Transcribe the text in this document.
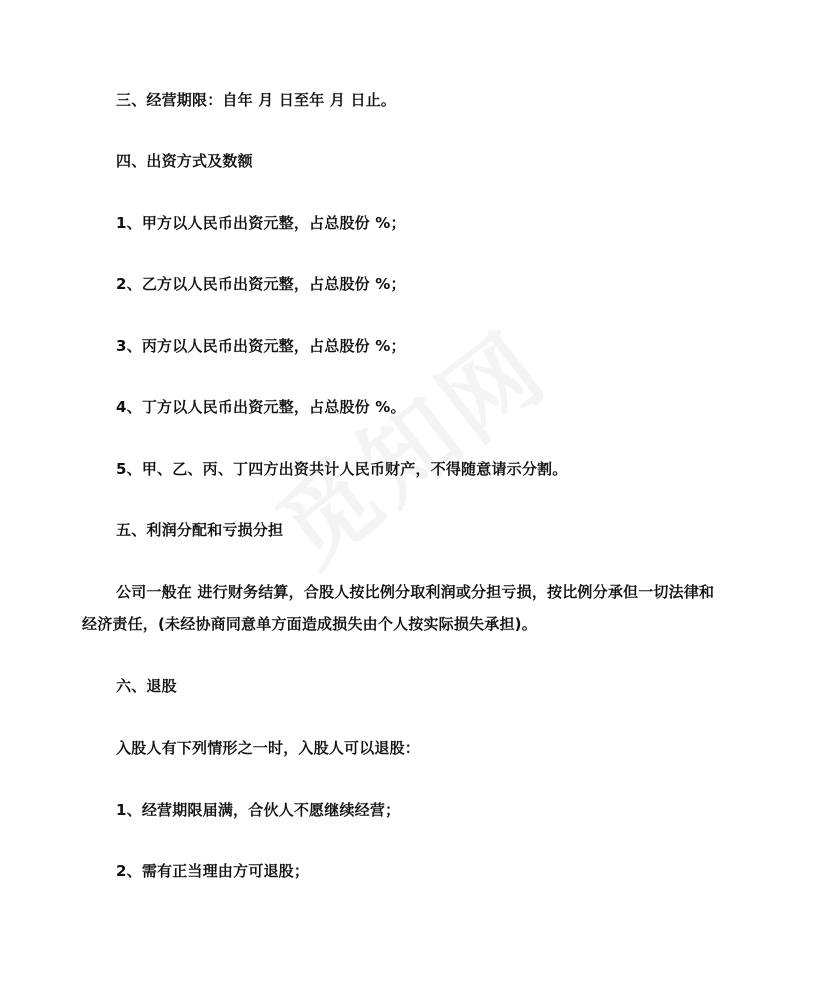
三、经营期限：自年 月 日至年 月 日止。

四、出资方式及数额

1、甲方以人民币出资元整，占总股份 %；

2、乙方以人民币出资元整，占总股份 %；

3、丙方以人民币出资元整，占总股份 %；

4、丁方以人民币出资元整，占总股份 %。

5、甲、乙、丙、丁四方出资共计人民币财产，不得随意请示分割。

五、利润分配和亏损分担

公司一般在 进行财务结算，合股人按比例分取利润或分担亏损，按比例分承但一切法律和

经济责任，(未经协商同意单方面造成损失由个人按实际损失承担)。

六、退股

入股人有下列情形之一时，入股人可以退股：

1、经营期限届满，合伙人不愿继续经营；

2、需有正当理由方可退股；
